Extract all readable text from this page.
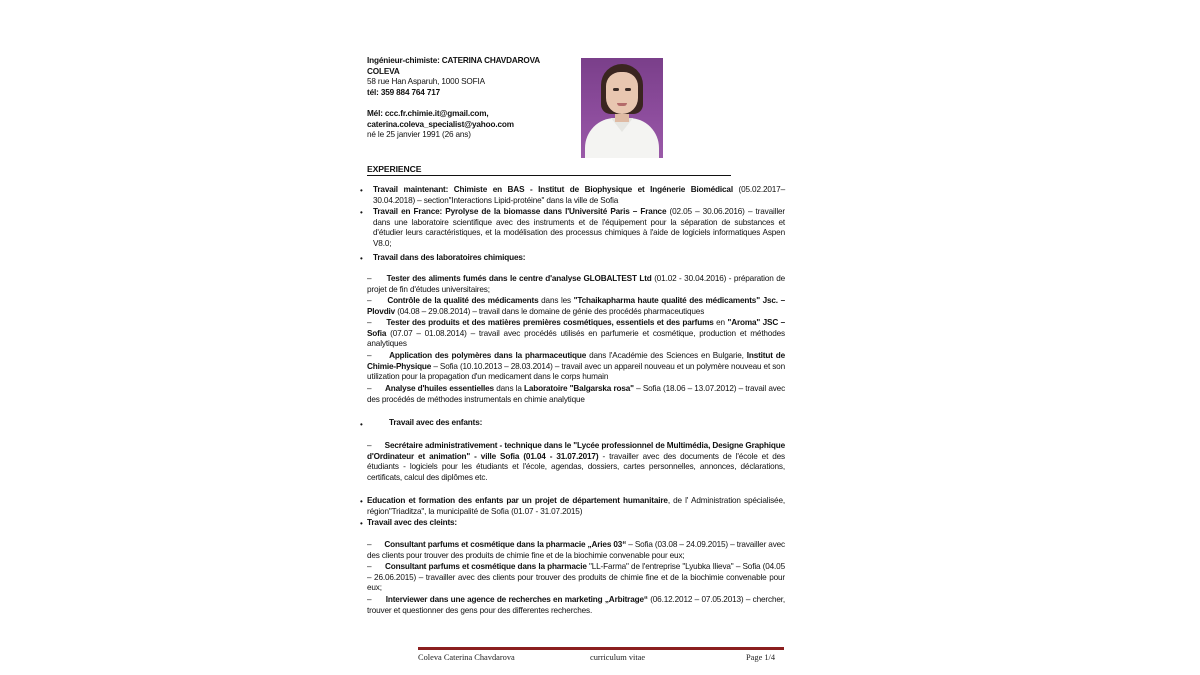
Ingénieur-chimiste: CATERINA CHAVDAROVA
COLEVA
58 rue Han Asparuh, 1000 SOFIA
tél: 359 884 764 717
Mél: ccc.fr.chimie.it@gmail.com,
caterina.coleva_specialist@yahoo.com
né le 25 janvier 1991 (26 ans)
EXPERIENCE
• Travail maintenant: Chimiste en BAS - Institut de Biophysique et Ingénerie Biomédical (05.02.2017– 30.04.2018) – section"Interactions Lipid-protéine" dans la ville de Sofia
• Travail en France: Pyrolyse de la biomasse dans l'Université Paris – France (02.05 – 30.06.2016) – travailler dans une laboratoire scientifique avec des instruments et de l'équipement pour la séparation de substances et d'étudier leurs caractéristiques, et la modélisation des processus chimiques à l'aide de logiciels informatiques Aspen V8.0;
• Travail dans des laboratoires chimiques:
– Tester des aliments fumés dans le centre d'analyse GLOBALTEST Ltd (01.02 - 30.04.2016) - préparation de projet de fin d'études universitaires;
– Contrôle de la qualité des médicaments dans les "Tchaikapharma haute qualité des médicaments" Jsc. – Plovdiv (04.08 – 29.08.2014) – travail dans le domaine de génie des procédés pharmaceutiques
– Tester des produits et des matières premières cosmétiques, essentiels et des parfums en "Aroma" JSC – Sofia (07.07 – 01.08.2014) – travail avec procédés utilisés en parfumerie et cosmétique, production et méthodes analytiques
– Application des polymères dans la pharmaceutique dans l'Académie des Sciences en Bulgarie, Institut de Chimie-Physique – Sofia (10.10.2013 – 28.03.2014) – travail avec un appareil nouveau et un polymère nouveau et son utilization pour la propagation d'un medicament dans le corps humain
– Analyse d'huiles essentielles dans la Laboratoire "Balgarska rosa" – Sofia (18.06 – 13.07.2012) – travail avec des procédés de méthodes instrumentals en chimie analytique
•	Travail avec des enfants:
– Secrétaire administrativement - technique dans le "Lycée professionnel de Multimédia, Designe Graphique d'Ordinateur et animation" - ville Sofia (01.04 - 31.07.2017) - travailler avec des documents de l'école et des étudiants - logiciels pour les étudiants et l'école, agendas, dossiers, cartes personnelles, annonces, déclarations, certificats, calcul des diplômes etc.
• Education et formation des enfants par un projet de département humanitaire, de l' Administration spécialisée, région"Triaditza", la municipalité de Sofia (01.07 - 31.07.2015)
• Travail avec des cleints:
– Consultant parfums et cosmétique dans la pharmacie „Aries 03“ – Sofia (03.08 – 24.09.2015) – travailler avec des clients pour trouver des produits de chimie fine et de la biochimie convenable pour eux;
– Consultant parfums et cosmétique dans la pharmacie "LL-Farma" de l'entreprise "Lyubka Ilieva" – Sofia (04.05 – 26.06.2015) – travailler avec des clients pour trouver des produits de chimie fine et de la biochimie convenable pour eux;
– Interviewer dans une agence de recherches en marketing „Arbitrage“ (06.12.2012 – 07.05.2013) – chercher, trouver et questionner des gens pour des differentes recherches.
Coleva Caterina Chavdarova	curriculum vitae	Page 1/4
